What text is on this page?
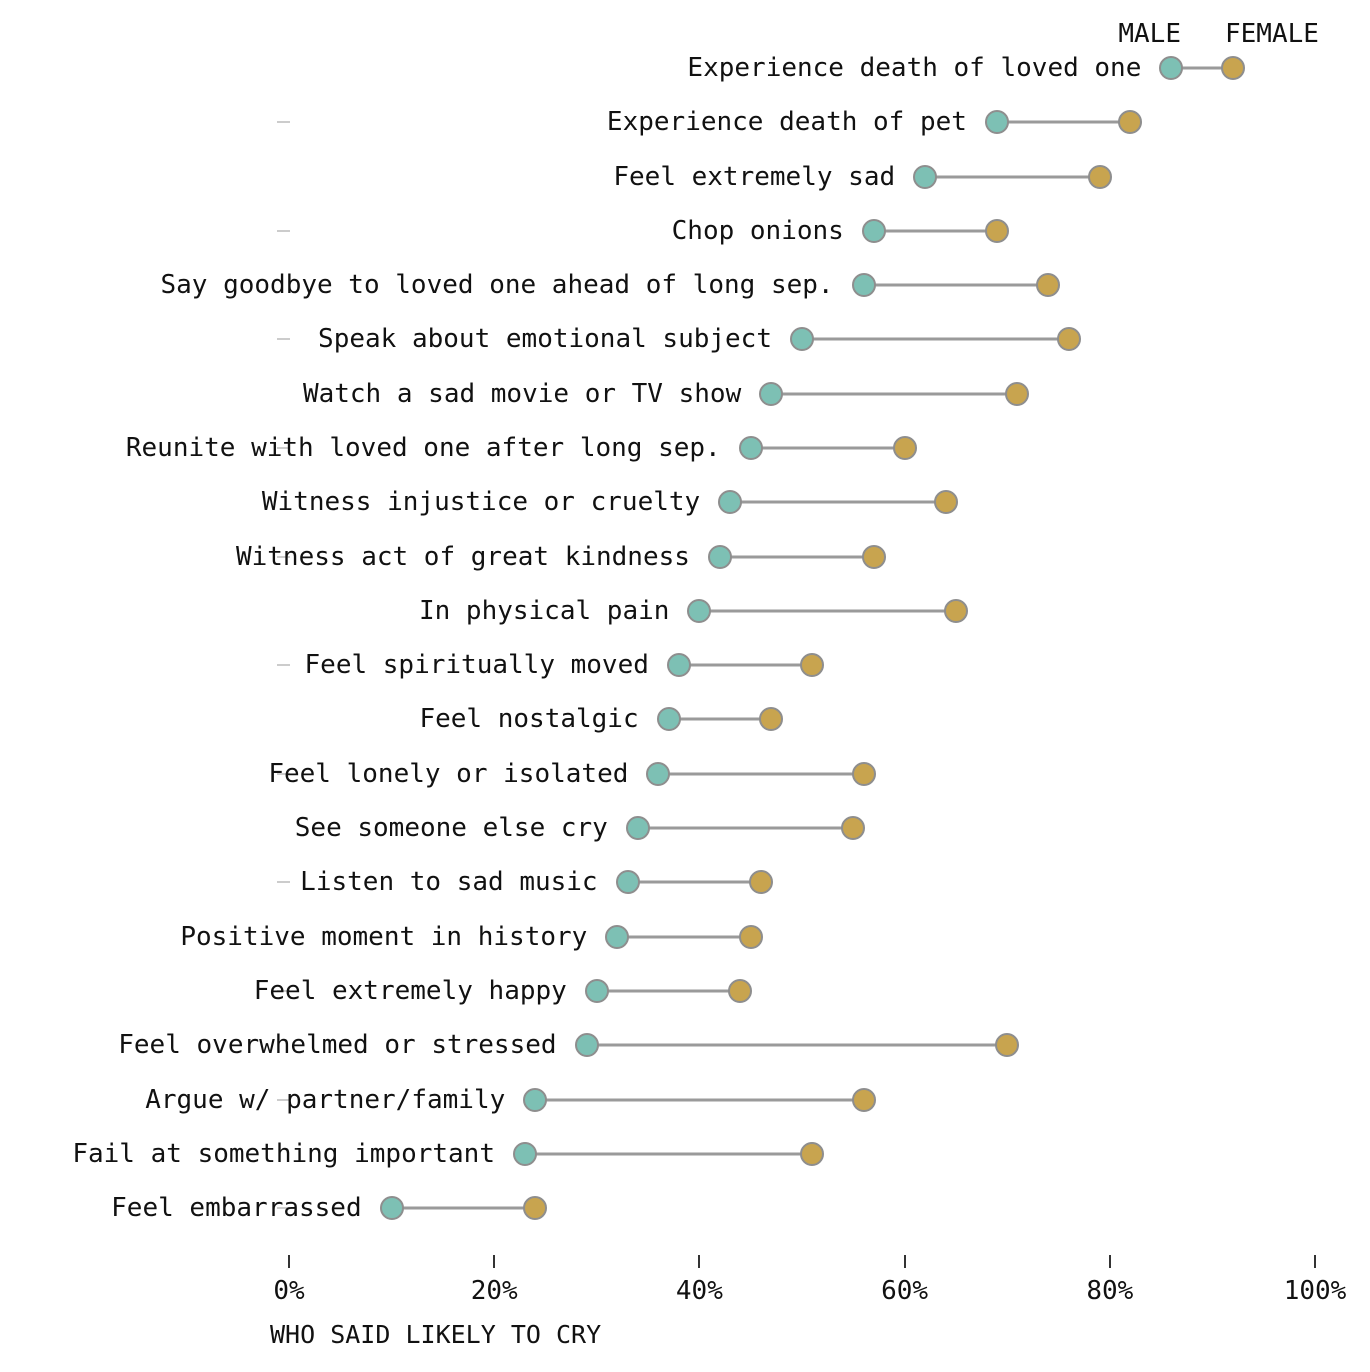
MALE FEMALE
Experience death of loved one
Experience death of pet
Feel extremely sad
Chop onions
Say goodbye to loved one ahead of long sep.
Speak about emotional subject
Watch a sad movie or TV show
Reunite with loved one after long sep.
Witness injustice or cruelty
Witness act of great kindness
In physical pain
Feel spiritually moved
Feel nostalgic
Feel lonely or isolated
See someone else cry
Listen to sad music
Positive moment in history
Feel extremely happy
Feel overwhelmed or stressed
Argue w/ partner/family
Fail at something important
Feel embarrassed
0%	20%	40%	60%	80%	100%
WHO SAID LIKELY TO CRY
